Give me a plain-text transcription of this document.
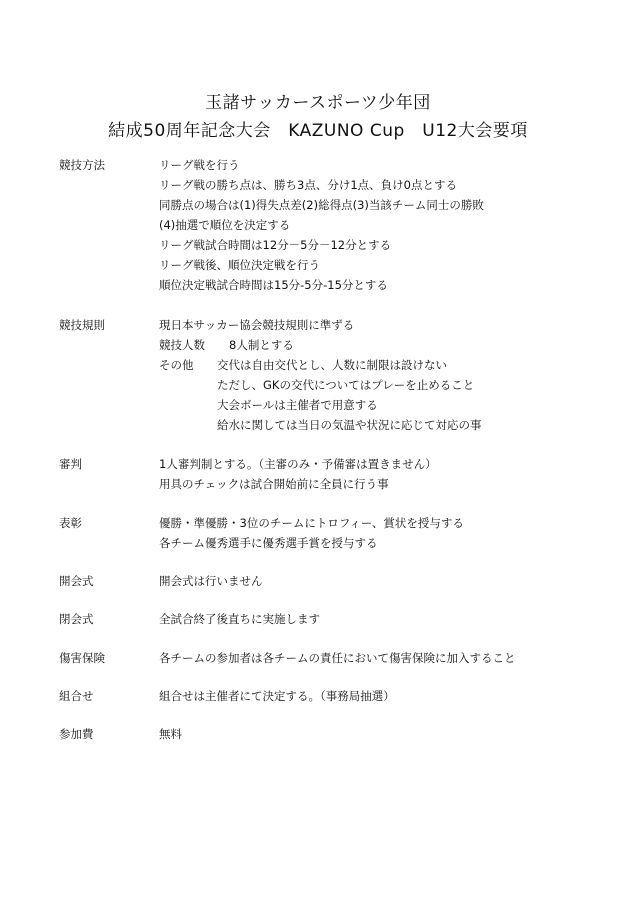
玉諸サッカースポーツ少年団
結成50周年記念大会　KAZUNO Cup　U12大会要項
競技方法	リーグ戦を行う
リーグ戦の勝ち点は、勝ち3点、分け1点、負け0点とする
同勝点の場合は(1)得失点差(2)総得点(3)当該チーム同士の勝敗
(4)抽選で順位を決定する
リーグ戦試合時間は12分－5分－12分とする
リーグ戦後、順位決定戦を行う
順位決定戦試合時間は15分-5分-15分とする
競技規則	現日本サッカー協会競技規則に準ずる
競技人数 8人制とする
その他 交代は自由交代とし、人数に制限は設けない
ただし、GKの交代についてはプレーを止めること
大会ボールは主催者で用意する
給水に関しては当日の気温や状況に応じて対応の事
審判	1人審判制とする。（主審のみ・予備審は置きません）
用具のチェックは試合開始前に全員に行う事
表彰	優勝・準優勝・3位のチームにトロフィー、賞状を授与する
各チーム優秀選手に優秀選手賞を授与する
開会式	開会式は行いません
閉会式	全試合終了後直ちに実施します
傷害保険	各チームの参加者は各チームの責任において傷害保険に加入すること
組合せ	組合せは主催者にて決定する。（事務局抽選）
参加費	無料
